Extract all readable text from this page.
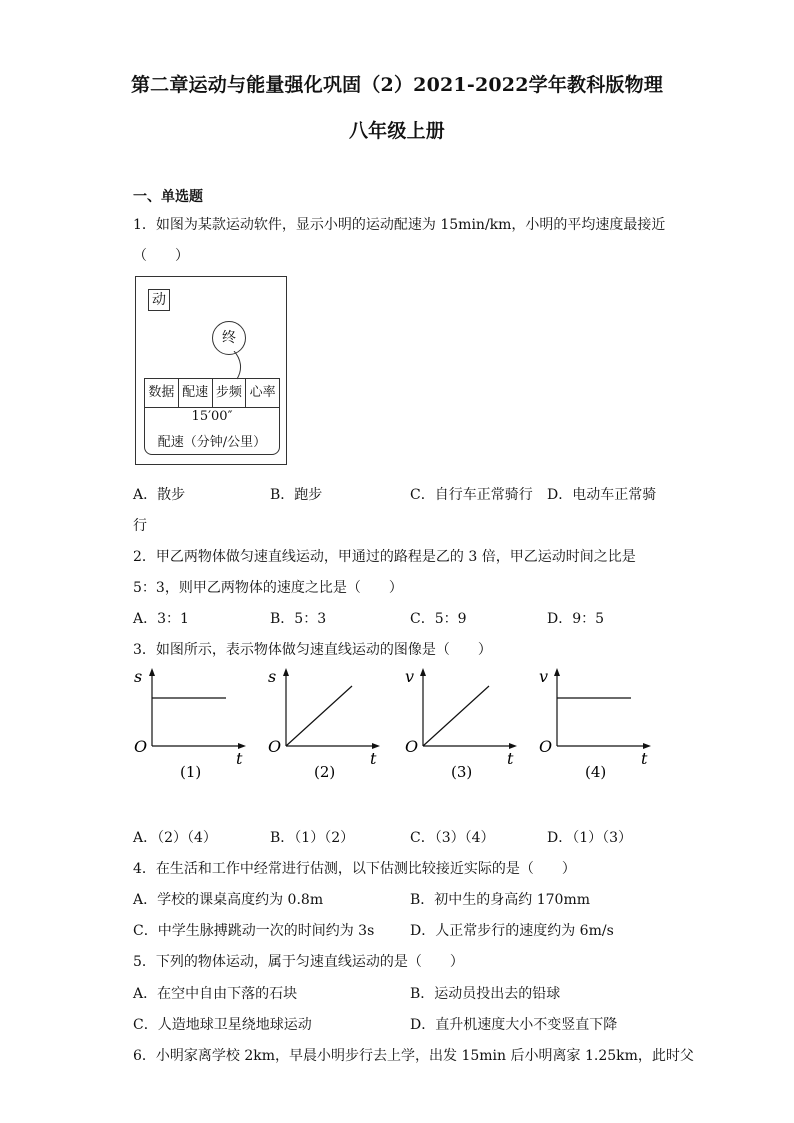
第二章运动与能量强化巩固（2）2021-2022学年教科版物理
八年级上册
一、单选题
1．如图为某款运动软件，显示小明的运动配速为 15min/km，小明的平均速度最接近
（　　）
动
终
数据 配速 步频 心率
15′00″
配速（分钟/公里）
A．散步	B．跑步	C．自行车正常骑行 D．电动车正常骑
行
2．甲乙两物体做匀速直线运动，甲通过的路程是乙的 3 倍，甲乙运动时间之比是
5：3，则甲乙两物体的速度之比是（　　）
A．3：1	B．5：3	C．5：9	D．9：5
3．如图所示，表示物体做匀速直线运动的图像是（　　）
s
t
O
(1)
s
t
O
(2)
v
t
O
(3)
v
t
O
(4)
A．（2）（4）	B．（1）（2）	C．（3）（4）	D．（1）（3）
4．在生活和工作中经常进行估测，以下估测比较接近实际的是（　　）
A．学校的课桌高度约为 0.8m	B．初中生的身高约 170mm
C．中学生脉搏跳动一次的时间约为 3s	D．人正常步行的速度约为 6m/s
5．下列的物体运动，属于匀速直线运动的是（　　）
A．在空中自由下落的石块	B．运动员投出去的铅球
C．人造地球卫星绕地球运动	D．直升机速度大小不变竖直下降
6．小明家离学校 2km，早晨小明步行去上学，出发 15min 后小明离家 1.25km，此时父
